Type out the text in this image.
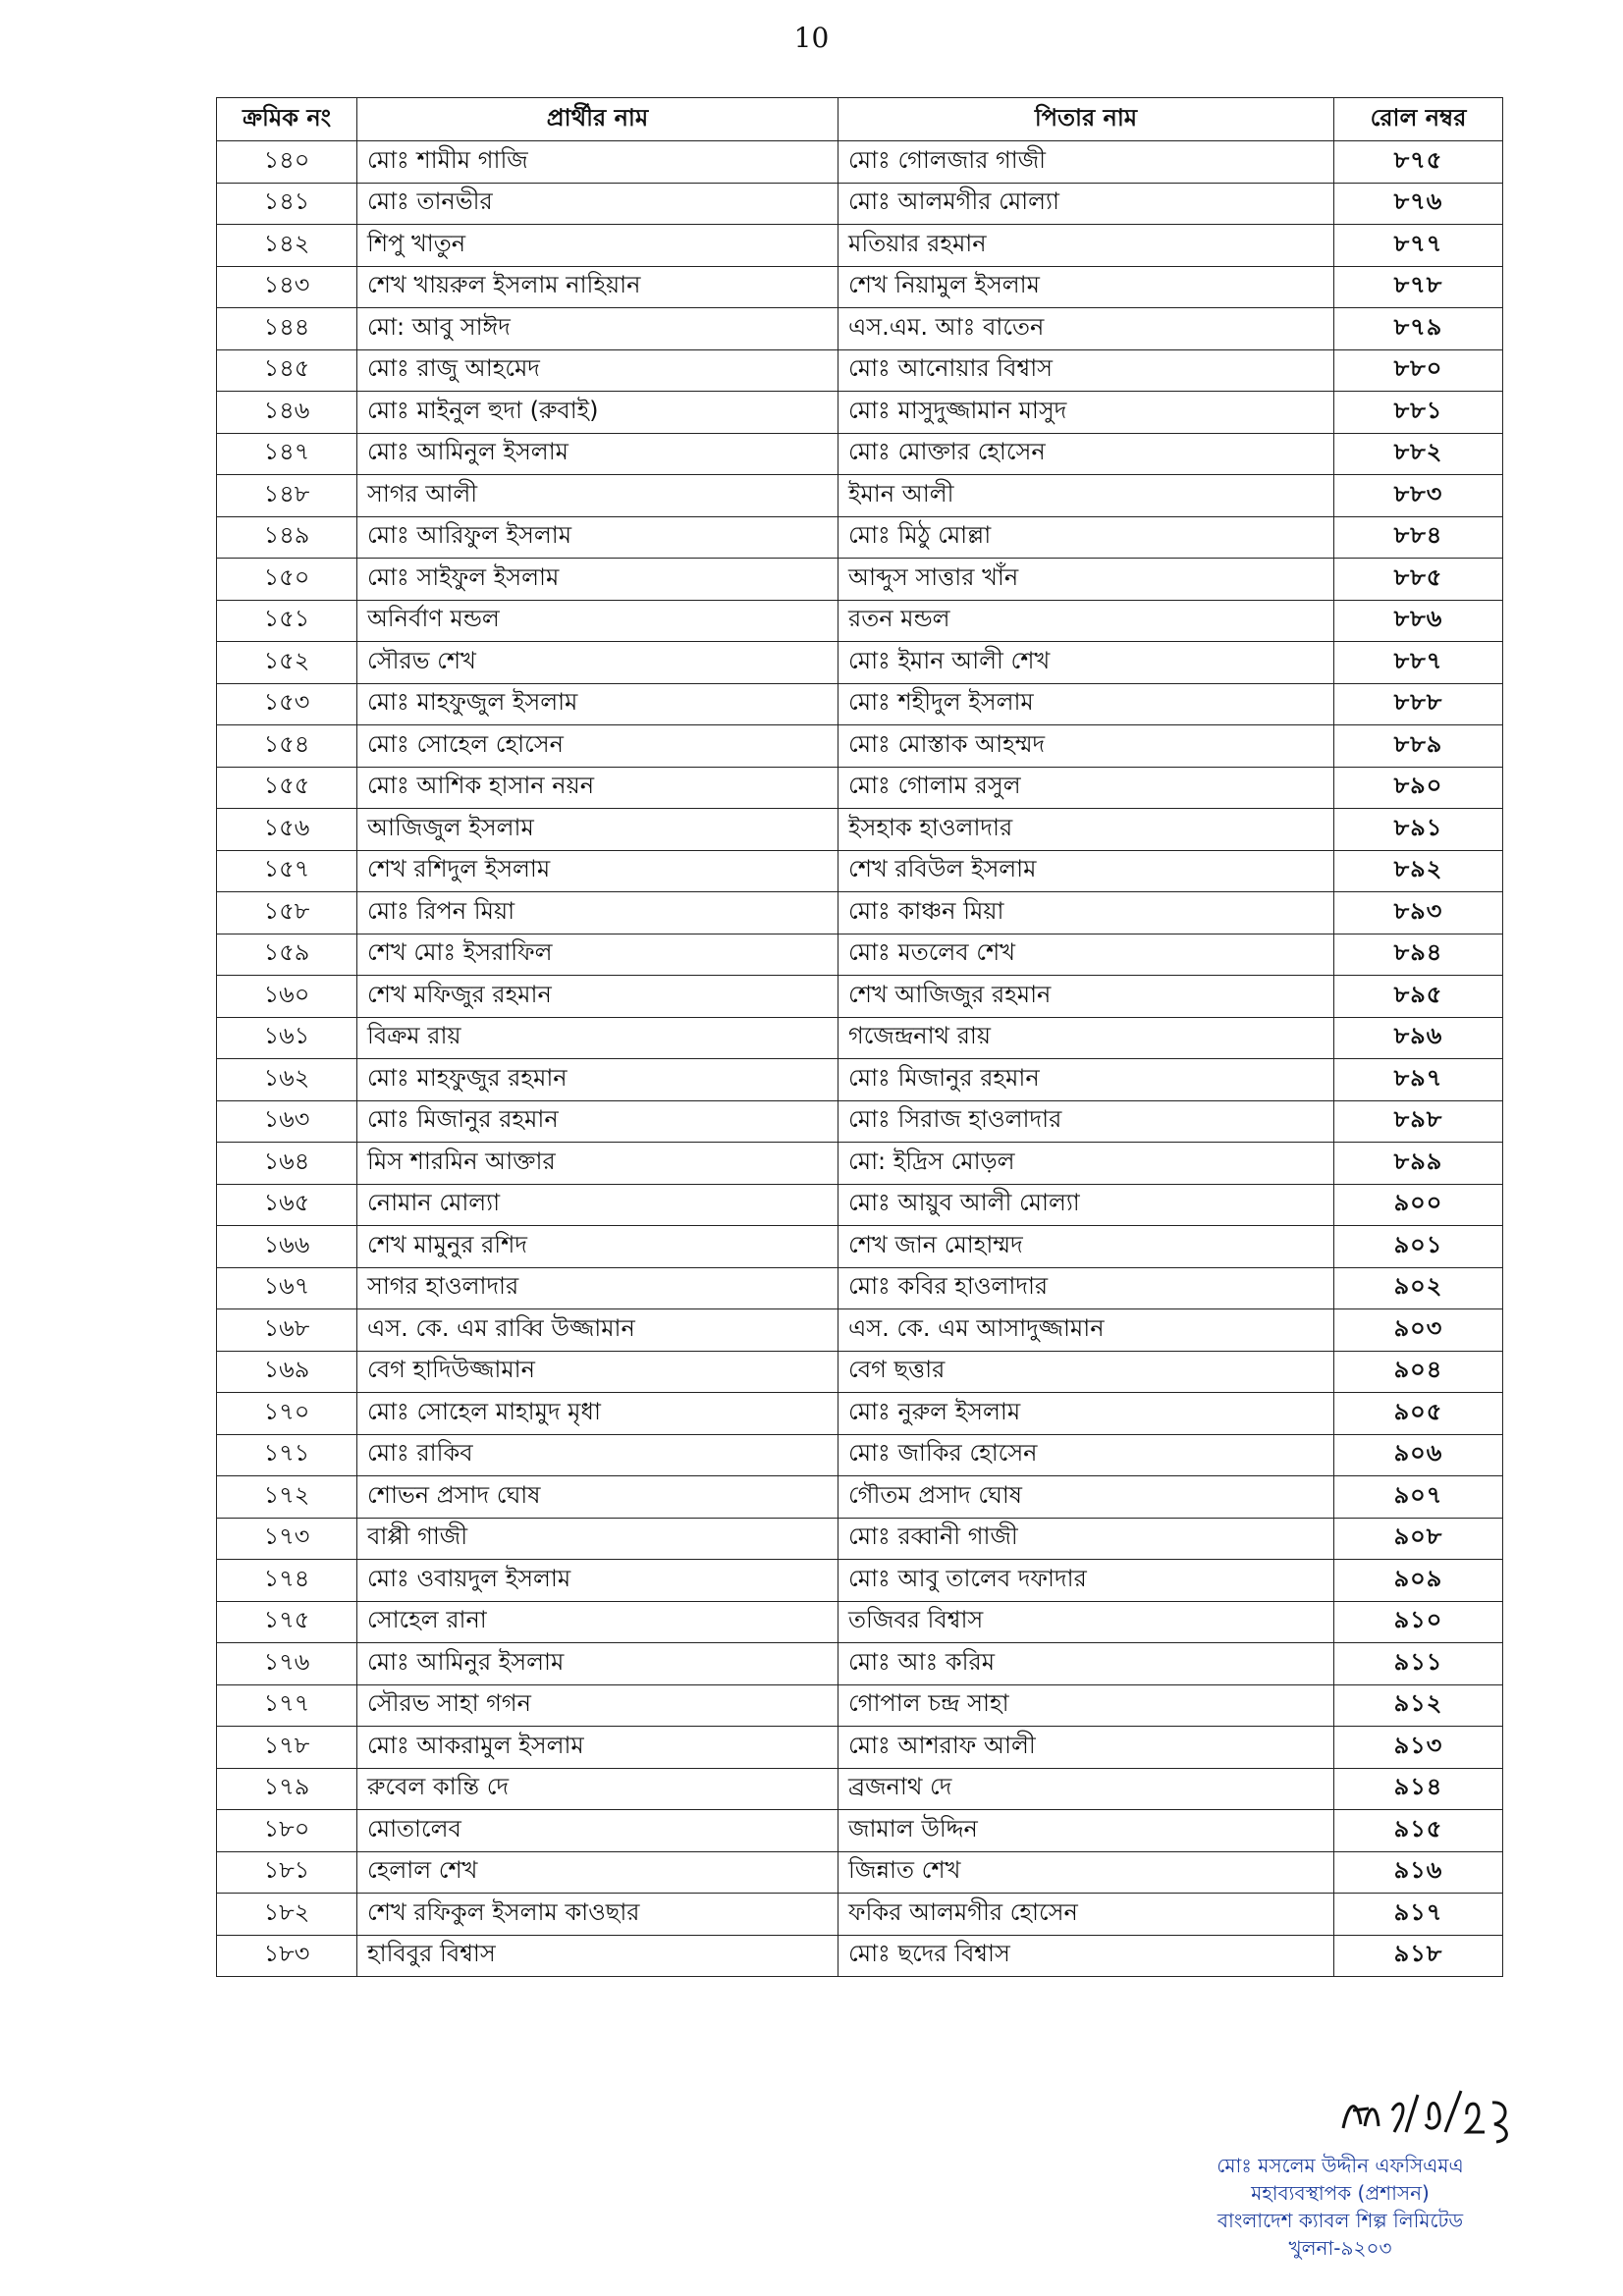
10
ক্রমিক নং	প্রার্থীর নাম	পিতার নাম	রোল নম্বর
১৪০	মোঃ শামীম গাজি	মোঃ গোলজার গাজী	৮৭৫
১৪১	মোঃ তানভীর	মোঃ আলমগীর মোল্যা	৮৭৬
১৪২	শিপু খাতুন	মতিয়ার রহমান	৮৭৭
১৪৩	শেখ খায়রুল ইসলাম নাহিয়ান	শেখ নিয়ামুল ইসলাম	৮৭৮
১৪৪	মো: আবু সাঈদ	এস.এম. আঃ বাতেন	৮৭৯
১৪৫	মোঃ রাজু আহমেদ	মোঃ আনোয়ার বিশ্বাস	৮৮০
১৪৬	মোঃ মাইনুল হুদা (রুবাই)	মোঃ মাসুদুজ্জামান মাসুদ	৮৮১
১৪৭	মোঃ আমিনুল ইসলাম	মোঃ মোক্তার হোসেন	৮৮২
১৪৮	সাগর আলী	ইমান আলী	৮৮৩
১৪৯	মোঃ আরিফুল ইসলাম	মোঃ মিঠু মোল্লা	৮৮৪
১৫০	মোঃ সাইফুল ইসলাম	আব্দুস সাত্তার খাঁন	৮৮৫
১৫১	অনির্বাণ মন্ডল	রতন মন্ডল	৮৮৬
১৫২	সৌরভ শেখ	মোঃ ইমান আলী শেখ	৮৮৭
১৫৩	মোঃ মাহফুজুল ইসলাম	মোঃ শহীদুল ইসলাম	৮৮৮
১৫৪	মোঃ সোহেল হোসেন	মোঃ মোস্তাক আহম্মদ	৮৮৯
১৫৫	মোঃ আশিক হাসান নয়ন	মোঃ গোলাম রসুল	৮৯০
১৫৬	আজিজুল ইসলাম	ইসহাক হাওলাদার	৮৯১
১৫৭	শেখ রশিদুল ইসলাম	শেখ রবিউল ইসলাম	৮৯২
১৫৮	মোঃ রিপন মিয়া	মোঃ কাঞ্চন মিয়া	৮৯৩
১৫৯	শেখ মোঃ ইসরাফিল	মোঃ মতলেব শেখ	৮৯৪
১৬০	শেখ মফিজুর রহমান	শেখ আজিজুর রহমান	৮৯৫
১৬১	বিক্রম রায়	গজেন্দ্রনাথ রায়	৮৯৬
১৬২	মোঃ মাহফুজুর রহমান	মোঃ মিজানুর রহমান	৮৯৭
১৬৩	মোঃ মিজানুর রহমান	মোঃ সিরাজ হাওলাদার	৮৯৮
১৬৪	মিস শারমিন আক্তার	মো: ইদ্রিস মোড়ল	৮৯৯
১৬৫	নোমান মোল্যা	মোঃ আয়ুব আলী মোল্যা	৯০০
১৬৬	শেখ মামুনুর রশিদ	শেখ জান মোহাম্মদ	৯০১
১৬৭	সাগর হাওলাদার	মোঃ কবির হাওলাদার	৯০২
১৬৮	এস. কে. এম রাব্বি উজ্জামান	এস. কে. এম আসাদুজ্জামান	৯০৩
১৬৯	বেগ হাদিউজ্জামান	বেগ ছত্তার	৯০৪
১৭০	মোঃ সোহেল মাহামুদ মৃধা	মোঃ নুরুল ইসলাম	৯০৫
১৭১	মোঃ রাকিব	মোঃ জাকির হোসেন	৯০৬
১৭২	শোভন প্রসাদ ঘোষ	গৌতম প্রসাদ ঘোষ	৯০৭
১৭৩	বাপ্পী গাজী	মোঃ রব্বানী গাজী	৯০৮
১৭৪	মোঃ ওবায়দুল ইসলাম	মোঃ আবু তালেব দফাদার	৯০৯
১৭৫	সোহেল রানা	তজিবর বিশ্বাস	৯১০
১৭৬	মোঃ আমিনুর ইসলাম	মোঃ আঃ করিম	৯১১
১৭৭	সৌরভ সাহা গগন	গোপাল চন্দ্র সাহা	৯১২
১৭৮	মোঃ আকরামুল ইসলাম	মোঃ আশরাফ আলী	৯১৩
১৭৯	রুবেল কান্তি দে	ব্রজনাথ দে	৯১৪
১৮০	মোতালেব	জামাল উদ্দিন	৯১৫
১৮১	হেলাল শেখ	জিন্নাত শেখ	৯১৬
১৮২	শেখ রফিকুল ইসলাম কাওছার	ফকির আলমগীর হোসেন	৯১৭
১৮৩	হাবিবুর বিশ্বাস	মোঃ ছদের বিশ্বাস	৯১৮
মোঃ মসলেম উদ্দীন এফসিএমএ
মহাব্যবস্থাপক (প্রশাসন)
বাংলাদেশ ক্যাবল শিল্প লিমিটেড
খুলনা-৯২০৩
